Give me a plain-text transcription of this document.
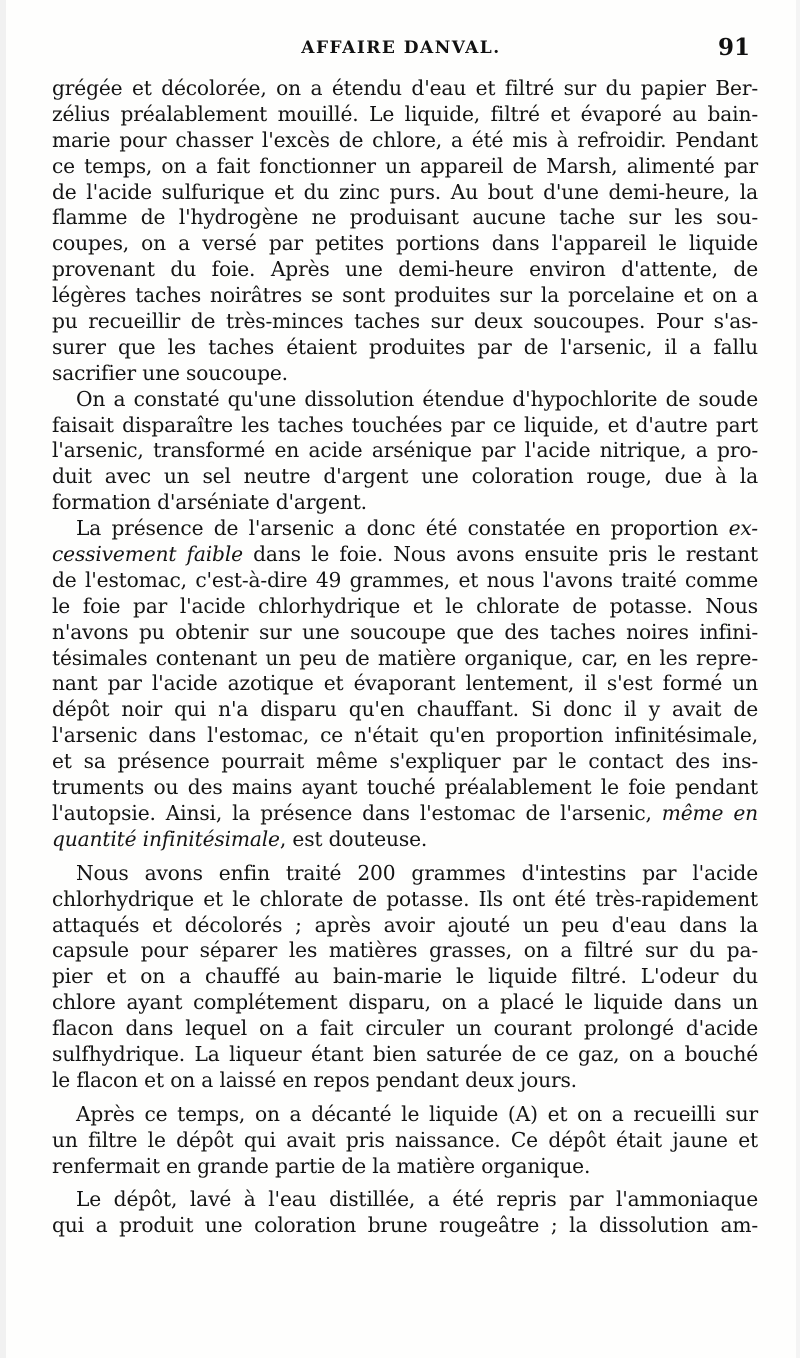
AFFAIRE DANVAL.	91

grégée et décolorée, on a étendu d'eau et filtré sur du papier Ber-

zélius préalablement mouillé. Le liquide, filtré et évaporé au bain-

marie pour chasser l'excès de chlore, a été mis à refroidir. Pendant

ce temps, on a fait fonctionner un appareil de Marsh, alimenté par

de l'acide sulfurique et du zinc purs. Au bout d'une demi-heure, la

flamme de l'hydrogène ne produisant aucune tache sur les sou-

coupes, on a versé par petites portions dans l'appareil le liquide

provenant du foie. Après une demi-heure environ d'attente, de

légères taches noirâtres se sont produites sur la porcelaine et on a

pu recueillir de très-minces taches sur deux soucoupes. Pour s'as-

surer que les taches étaient produites par de l'arsenic, il a fallu

sacrifier une soucoupe.

On a constaté qu'une dissolution étendue d'hypochlorite de soude

faisait disparaître les taches touchées par ce liquide, et d'autre part

l'arsenic, transformé en acide arsénique par l'acide nitrique, a pro-

duit avec un sel neutre d'argent une coloration rouge, due à la

formation d'arséniate d'argent.

La présence de l'arsenic a donc été constatée en proportion ex-

cessivement faible dans le foie. Nous avons ensuite pris le restant

de l'estomac, c'est-à-dire 49 grammes, et nous l'avons traité comme

le foie par l'acide chlorhydrique et le chlorate de potasse. Nous

n'avons pu obtenir sur une soucoupe que des taches noires infini-

tésimales contenant un peu de matière organique, car, en les repre-

nant par l'acide azotique et évaporant lentement, il s'est formé un

dépôt noir qui n'a disparu qu'en chauffant. Si donc il y avait de

l'arsenic dans l'estomac, ce n'était qu'en proportion infinitésimale,

et sa présence pourrait même s'expliquer par le contact des ins-

truments ou des mains ayant touché préalablement le foie pendant

l'autopsie. Ainsi, la présence dans l'estomac de l'arsenic, même en

quantité infinitésimale, est douteuse.

Nous avons enfin traité 200 grammes d'intestins par l'acide

chlorhydrique et le chlorate de potasse. Ils ont été très-rapidement

attaqués et décolorés ; après avoir ajouté un peu d'eau dans la

capsule pour séparer les matières grasses, on a filtré sur du pa-

pier et on a chauffé au bain-marie le liquide filtré. L'odeur du

chlore ayant complétement disparu, on a placé le liquide dans un

flacon dans lequel on a fait circuler un courant prolongé d'acide

sulfhydrique. La liqueur étant bien saturée de ce gaz, on a bouché

le flacon et on a laissé en repos pendant deux jours.

Après ce temps, on a décanté le liquide (A) et on a recueilli sur

un filtre le dépôt qui avait pris naissance. Ce dépôt était jaune et

renfermait en grande partie de la matière organique.

Le dépôt, lavé à l'eau distillée, a été repris par l'ammoniaque

qui a produit une coloration brune rougeâtre ; la dissolution am-
